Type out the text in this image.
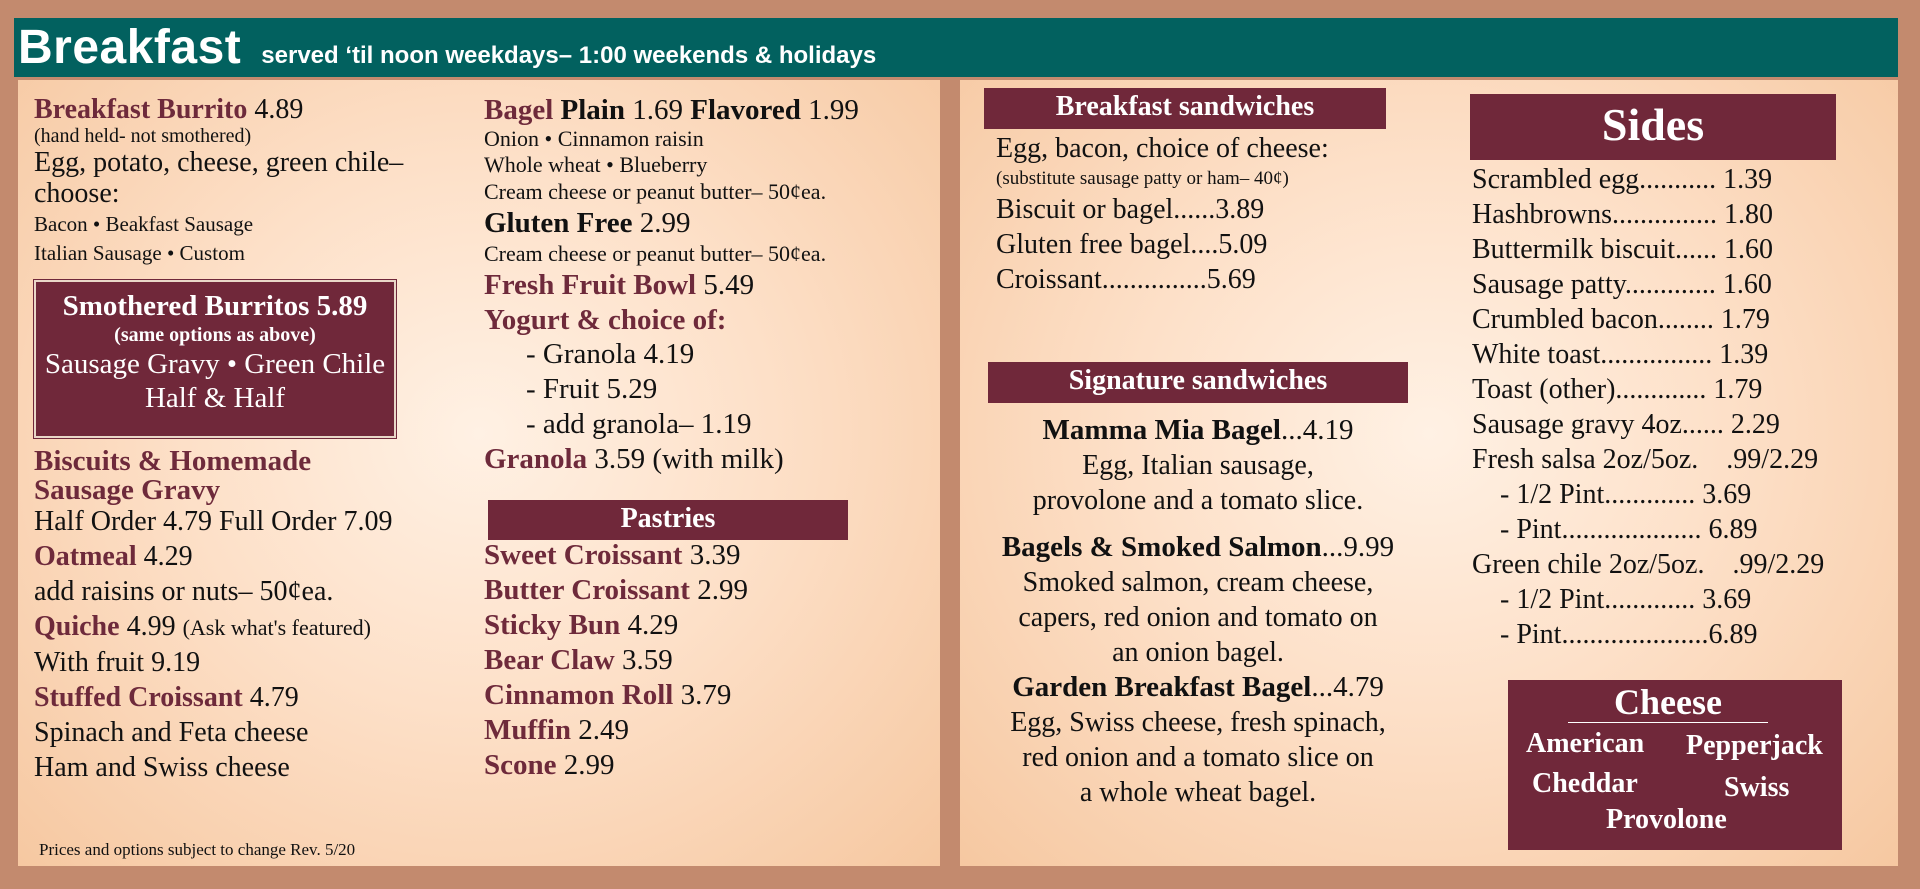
Breakfast served ‘til noon weekdays– 1:00 weekends & holidays
Breakfast Burrito 4.89
(hand held- not smothered)
Egg, potato, cheese, green chile–
choose:
Bacon • Beakfast Sausage
Italian Sausage • Custom
Smothered Burritos 5.89
(same options as above)
Sausage Gravy • Green Chile
Half & Half
Biscuits & Homemade
Sausage Gravy
Half Order 4.79 Full Order 7.09
Oatmeal 4.29
add raisins or nuts– 50¢ea.
Quiche 4.99 (Ask what's featured)
With fruit 9.19
Stuffed Croissant 4.79
Spinach and Feta cheese
Ham and Swiss cheese
Prices and options subject to change Rev. 5/20
Bagel Plain 1.69 Flavored 1.99
Onion • Cinnamon raisin
Whole wheat • Blueberry
Cream cheese or peanut butter– 50¢ea.
Gluten Free 2.99
Cream cheese or peanut butter– 50¢ea.
Fresh Fruit Bowl 5.49
Yogurt & choice of:
- Granola 4.19
- Fruit 5.29
- add granola– 1.19
Granola 3.59 (with milk)
Pastries
Sweet Croissant 3.39
Butter Croissant 2.99
Sticky Bun 4.29
Bear Claw 3.59
Cinnamon Roll 3.79
Muffin 2.49
Scone 2.99
Breakfast sandwiches
Egg, bacon, choice of cheese:
(substitute sausage patty or ham– 40¢)
Biscuit or bagel......3.89
Gluten free bagel....5.09
Croissant...............5.69
Signature sandwiches
Mamma Mia Bagel...4.19
Egg, Italian sausage,
provolone and a tomato slice.
Bagels & Smoked Salmon...9.99
Smoked salmon, cream cheese,
capers, red onion and tomato on
an onion bagel.
Garden Breakfast Bagel...4.79
Egg, Swiss cheese, fresh spinach,
red onion and a tomato slice on
a whole wheat bagel.
Sides
Scrambled egg........... 1.39
Hashbrowns............... 1.80
Buttermilk biscuit...... 1.60
Sausage patty............. 1.60
Crumbled bacon........ 1.79
White toast................ 1.39
Toast (other)............. 1.79
Sausage gravy 4oz...... 2.29
Fresh salsa 2oz/5oz.    .99/2.29
- 1/2 Pint............. 3.69
- Pint.................... 6.89
Green chile 2oz/5oz.    .99/2.29
- 1/2 Pint............. 3.69
- Pint.....................6.89
Cheese
American Pepperjack
Cheddar	Swiss
Provolone
